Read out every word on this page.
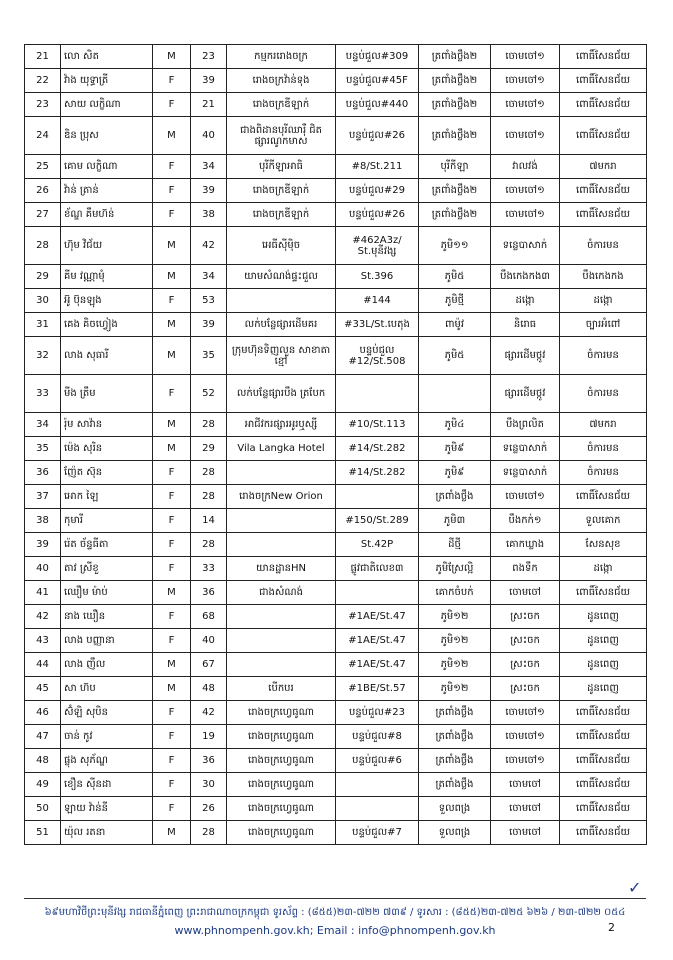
21	លោ សិត	M	23	កម្មកររោងចក្រ	បន្ទប់ជួល#309	ត្រពាំងថ្លឹង២	ចោមចៅ១	ពោធិ៍សែនជ័យ
22	វ៉ាង យុទ្ធាត្រី	F	39	រោងចក្រវ៉ាន់ទុង	បន្ទប់ជួល#45F	ត្រពាំងថ្លឹង២	ចោមចៅ១	ពោធិ៍សែនជ័យ
23	សាយ លក្ខិណា	F	21	រោងចក្រឌីឡាក់	បន្ទប់ជួល#440	ត្រពាំងថ្លឹង២	ចោមចៅ១	ពោធិ៍សែនជ័យ
24	ឌិន ប្រុស	M	40	ជាងពិដានបុរីឈារ៉ឺ ជិតផ្សារណូកមាស	បន្ទប់ជួល#26	ត្រពាំងថ្លឹង២	ចោមចៅ១	ពោធិ៍សែនជ័យ
25	គោម លក្ខិណា	F	34	បុរីកីឡាអាធិ	#8/St.211	បុរីកីឡា	វាលវង់	៧មករា
26	វ៉ាន់ ត្រាន់	F	39	រោងចក្រឌីឡាក់	បន្ទប់ជួល#29	ត្រពាំងថ្លឹង២	ចោមចៅ១	ពោធិ៍សែនជ័យ
27	ខ័ណ្ឌ គឹមហ៊ន់	F	38	រោងចក្រឌីឡាក់	បន្ទប់ជួល#26	ត្រពាំងថ្លឹង២	ចោមចៅ១	ពោធិ៍សែនជ័យ
28	ហ៊ុម វិជ័យ	M	42	អេធីស៊ីម៉ិច	#462A3z/ St.មុនីវង្ស	ភូមិ១១	ទន្លេបាសាក់	ចំការមន
29	គីម វណ្ណាមុំ	M	34	យាមសំណង់ផ្ទះជួល	St.396	ភូមិ៥	បឹងកេងកង៣	បឹងកេងកង
30	អ៊ូ ប៊ុនឡុង	F	53		#144	ភូមិថ្មី	ដង្កោ	ដង្កោ
31	គេង គិចហ្វៀង	M	39	លក់បន្លែផ្សារដើមគរ	#33L/St.បេតុង	ពាម៉ូវ	និរោធ	ច្បារអំពៅ
32	លាង សុធារី	M	35	ក្រុមហ៊ុនទិញលួន សាខាតាខ្មៅ	បន្ទប់ជួល #12/St.508	ភូមិ៥	ផ្សារដើមថ្កូវ	ចំការមន
33	មីង ត្រឹម	F	52	លក់បន្លែផ្សារបឹង ត្របែក			ផ្សារដើមថ្កូវ	ចំការមន
34	រ៉ុម សាវ៉ាន	M	28	អាជីវករផ្សារអូរឬស្សី	#10/St.113	ភូមិ៤	បឹងព្រលិត	៧មករា
35	ម៉េង សុរិន	M	29	Vila Langka Hotel	#14/St.282	ភូមិ៩	ទន្លេបាសាក់	ចំការមន
36	ញ៉ែត ស៊ុន	F	28		#14/St.282	ភូមិ៩	ទន្លេបាសាក់	ចំការមន
37	អោក ឡៃ	F	28	រោងចក្រNew Orion		ត្រពាំងថ្លឹង	ចោមចៅ១	ពោធិ៍សែនជ័យ
38	កុមារី	F	14		#150/St.289	ភូមិ៣	បឹងកក់១	ទួលគោក
39	រ៉េត ច័ន្ទធីតា	F	28		St.42P	ដីថ្មី	គោកឃ្លាង	សែនសុខ
40	តាវ ស្រីខួ	F	33	យានដ្ឋានHN	ផ្លូវជាតិលេខ៣	ភូមិស្រែល្អិ	ពងទឹក	ដង្កោ
41	ឈឿម ម៉ាប់	M	36	ជាងសំណង់		គោកចំបក់	ចោមចៅ	ពោធិ៍សែនជ័យ
42	នាង ឃឿន	F	68		#1AE/St.47	ភូមិ១២	ស្រះចក	ដូនពេញ
43	លាង បញ្ញានា	F	40		#1AE/St.47	ភូមិ១២	ស្រះចក	ដូនពេញ
44	លាង ញឹល	M	67		#1AE/St.47	ភូមិ១២	ស្រះចក	ដូនពេញ
45	សា ហ៊ប	M	48	បើកបរ	#1BE/St.57	ភូមិ១២	ស្រះចក	ដូនពេញ
46	ស៊ំឡិ សុបិន	F	42	រោងចក្រហ្វេធូណា	បន្ទប់ជួល#23	ត្រពាំងថ្លឹង	ចោមចៅ១	ពោធិ៍សែនជ័យ
47	ចាន់ កូវ	F	19	រោងចក្រហ្វេធូណា	បន្ទប់ជួល#8	ត្រពាំងថ្លឹង	ចោមចៅ១	ពោធិ៍សែនជ័យ
48	ផ្លុង សុភ័ណ្ឌ	F	36	រោងចក្រហ្វេធូណា	បន្ទប់ជួល#6	ត្រពាំងថ្លឹង	ចោមចៅ១	ពោធិ៍សែនជ័យ
49	ខឿន ស៊ីនដា	F	30	រោងចក្រហ្វេធូណា		ត្រពាំងថ្លឹង	ចោមចៅ	ពោធិ៍សែនជ័យ
50	ឡាយ វ៉ាន់នី	F	26	រោងចក្រហ្វេធូណា		ទួលពង្រ	ចោមចៅ	ពោធិ៍សែនជ័យ
51	យ៉ុល រតនា	M	28	រោងចក្រហ្វេធូណា	បន្ទប់ជួល#7	ទួលពង្រ	ចោមចៅ	ពោធិ៍សែនជ័យ
✓
៦៩មហាវិថីព្រះមុនីវង្ស រាជធានីភ្នំពេញ ព្រះរាជាណាចក្រកម្ពុជា ទូរស័ព្ទ : (៨៥៥)២៣-៧២២ ៧៣៩ / ទូរសារ : (៨៥៥)២៣-៧២៥ ៦២៦ / ២៣-៧២២ ០៥៤
www.phnompenh.gov.kh; Email : info@phnompenh.gov.kh	2
